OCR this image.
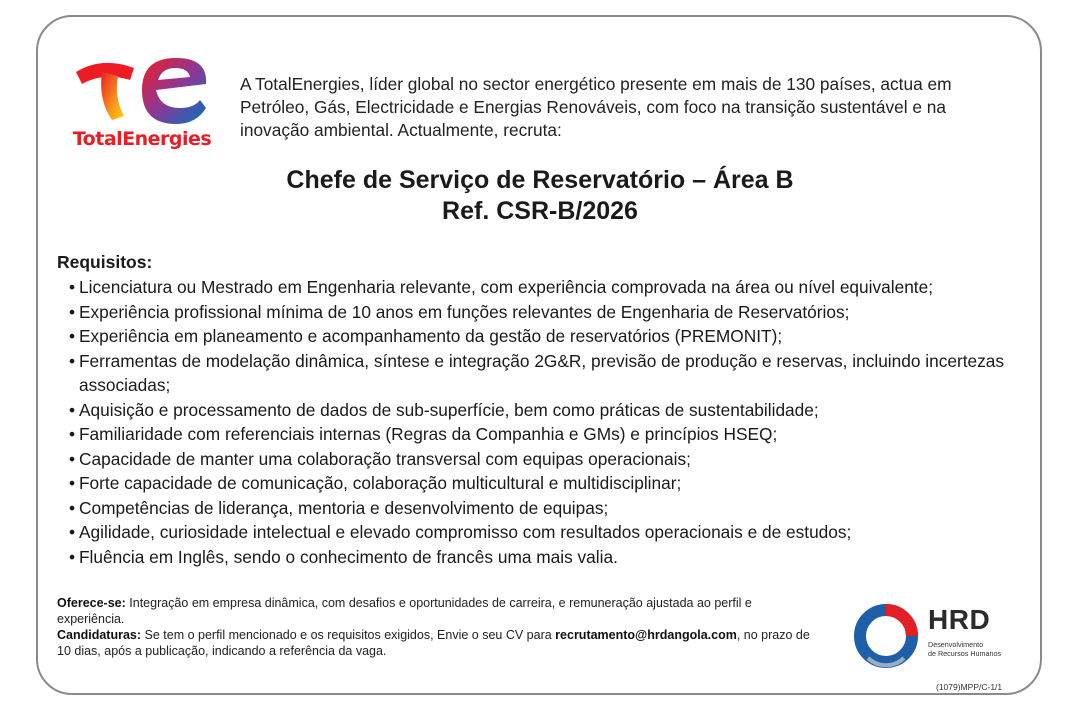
TotalEnergies
A TotalEnergies, líder global no sector energético presente em mais de 130 países, actua em
Petróleo, Gás, Electricidade e Energias Renováveis, com foco na transição sustentável e na
inovação ambiental. Actualmente, recruta:
Chefe de Serviço de Reservatório – Área B
Ref. CSR-B/2026
Requisitos:
• Licenciatura ou Mestrado em Engenharia relevante, com experiência comprovada na área ou nível equivalente;
• Experiência profissional mínima de 10 anos em funções relevantes de Engenharia de Reservatórios;
• Experiência em planeamento e acompanhamento da gestão de reservatórios (PREMONIT);
• Ferramentas de modelação dinâmica, síntese e integração 2G&R, previsão de produção e reservas, incluindo incertezas associadas;
• Aquisição e processamento de dados de sub-superfície, bem como práticas de sustentabilidade;
• Familiaridade com referenciais internas (Regras da Companhia e GMs) e princípios HSEQ;
• Capacidade de manter uma colaboração transversal com equipas operacionais;
• Forte capacidade de comunicação, colaboração multicultural e multidisciplinar;
• Competências de liderança, mentoria e desenvolvimento de equipas;
• Agilidade, curiosidade intelectual e elevado compromisso com resultados operacionais e de estudos;
• Fluência em Inglês, sendo o conhecimento de francês uma mais valia.

Oferece-se: Integração em empresa dinâmica, com desafios e oportunidades de carreira, e remuneração ajustada ao perfil e experiência.

Candidaturas: Se tem o perfil mencionado e os requisitos exigidos, Envie o seu CV para recrutamento@hrdangola.com, no prazo de 10 dias, após a publicação, indicando a referência da vaga.

HRD
Desenvolvimento
de Recursos Humanos
(1079)MPP/C-1/1
